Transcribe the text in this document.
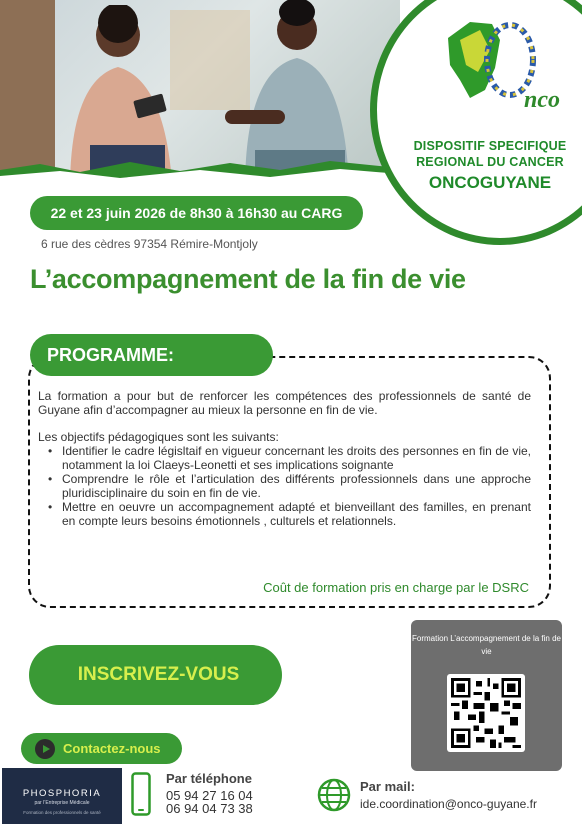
nco
DISPOSITIF SPECIFIQUE
REGIONAL DU CANCER
ONCOGUYANE
22 et 23 juin 2026 de 8h30 à 16h30 au CARG
6 rue des cèdres 97354 Rémire-Montjoly
L’accompagnement de la fin de vie
PROGRAMME:

La formation a pour but de renforcer les compétences des professionnels de santé de Guyane afin d’accompagner au mieux la personne en fin de vie.

Les objectifs pédagogiques sont les suivants:
• Identifier le cadre législtaif en vigueur concernant les droits des personnes en fin de vie, notamment la loi Claeys-Leonetti et ses implications soignante
• Comprendre le rôle et l’articulation des différents professionnels dans une approche pluridisciplinaire du soin en fin de vie.
• Mettre en oeuvre un accompagnement adapté et bienveillant des familles, en prenant en compte leurs besoins émotionnels , culturels et relationnels.
Coût de formation pris en charge par le DSRC
INSCRIVEZ-VOUS
Formation L’accompagnement de la fin de vie
Contactez-nous
PHOSPHORIA
par l’Entreprise Médicale
Formation des professionnels de santé
Par téléphone
05 94 27 16 04
06 94 04 73 38
Par mail:
ide.coordination@onco-guyane.fr
